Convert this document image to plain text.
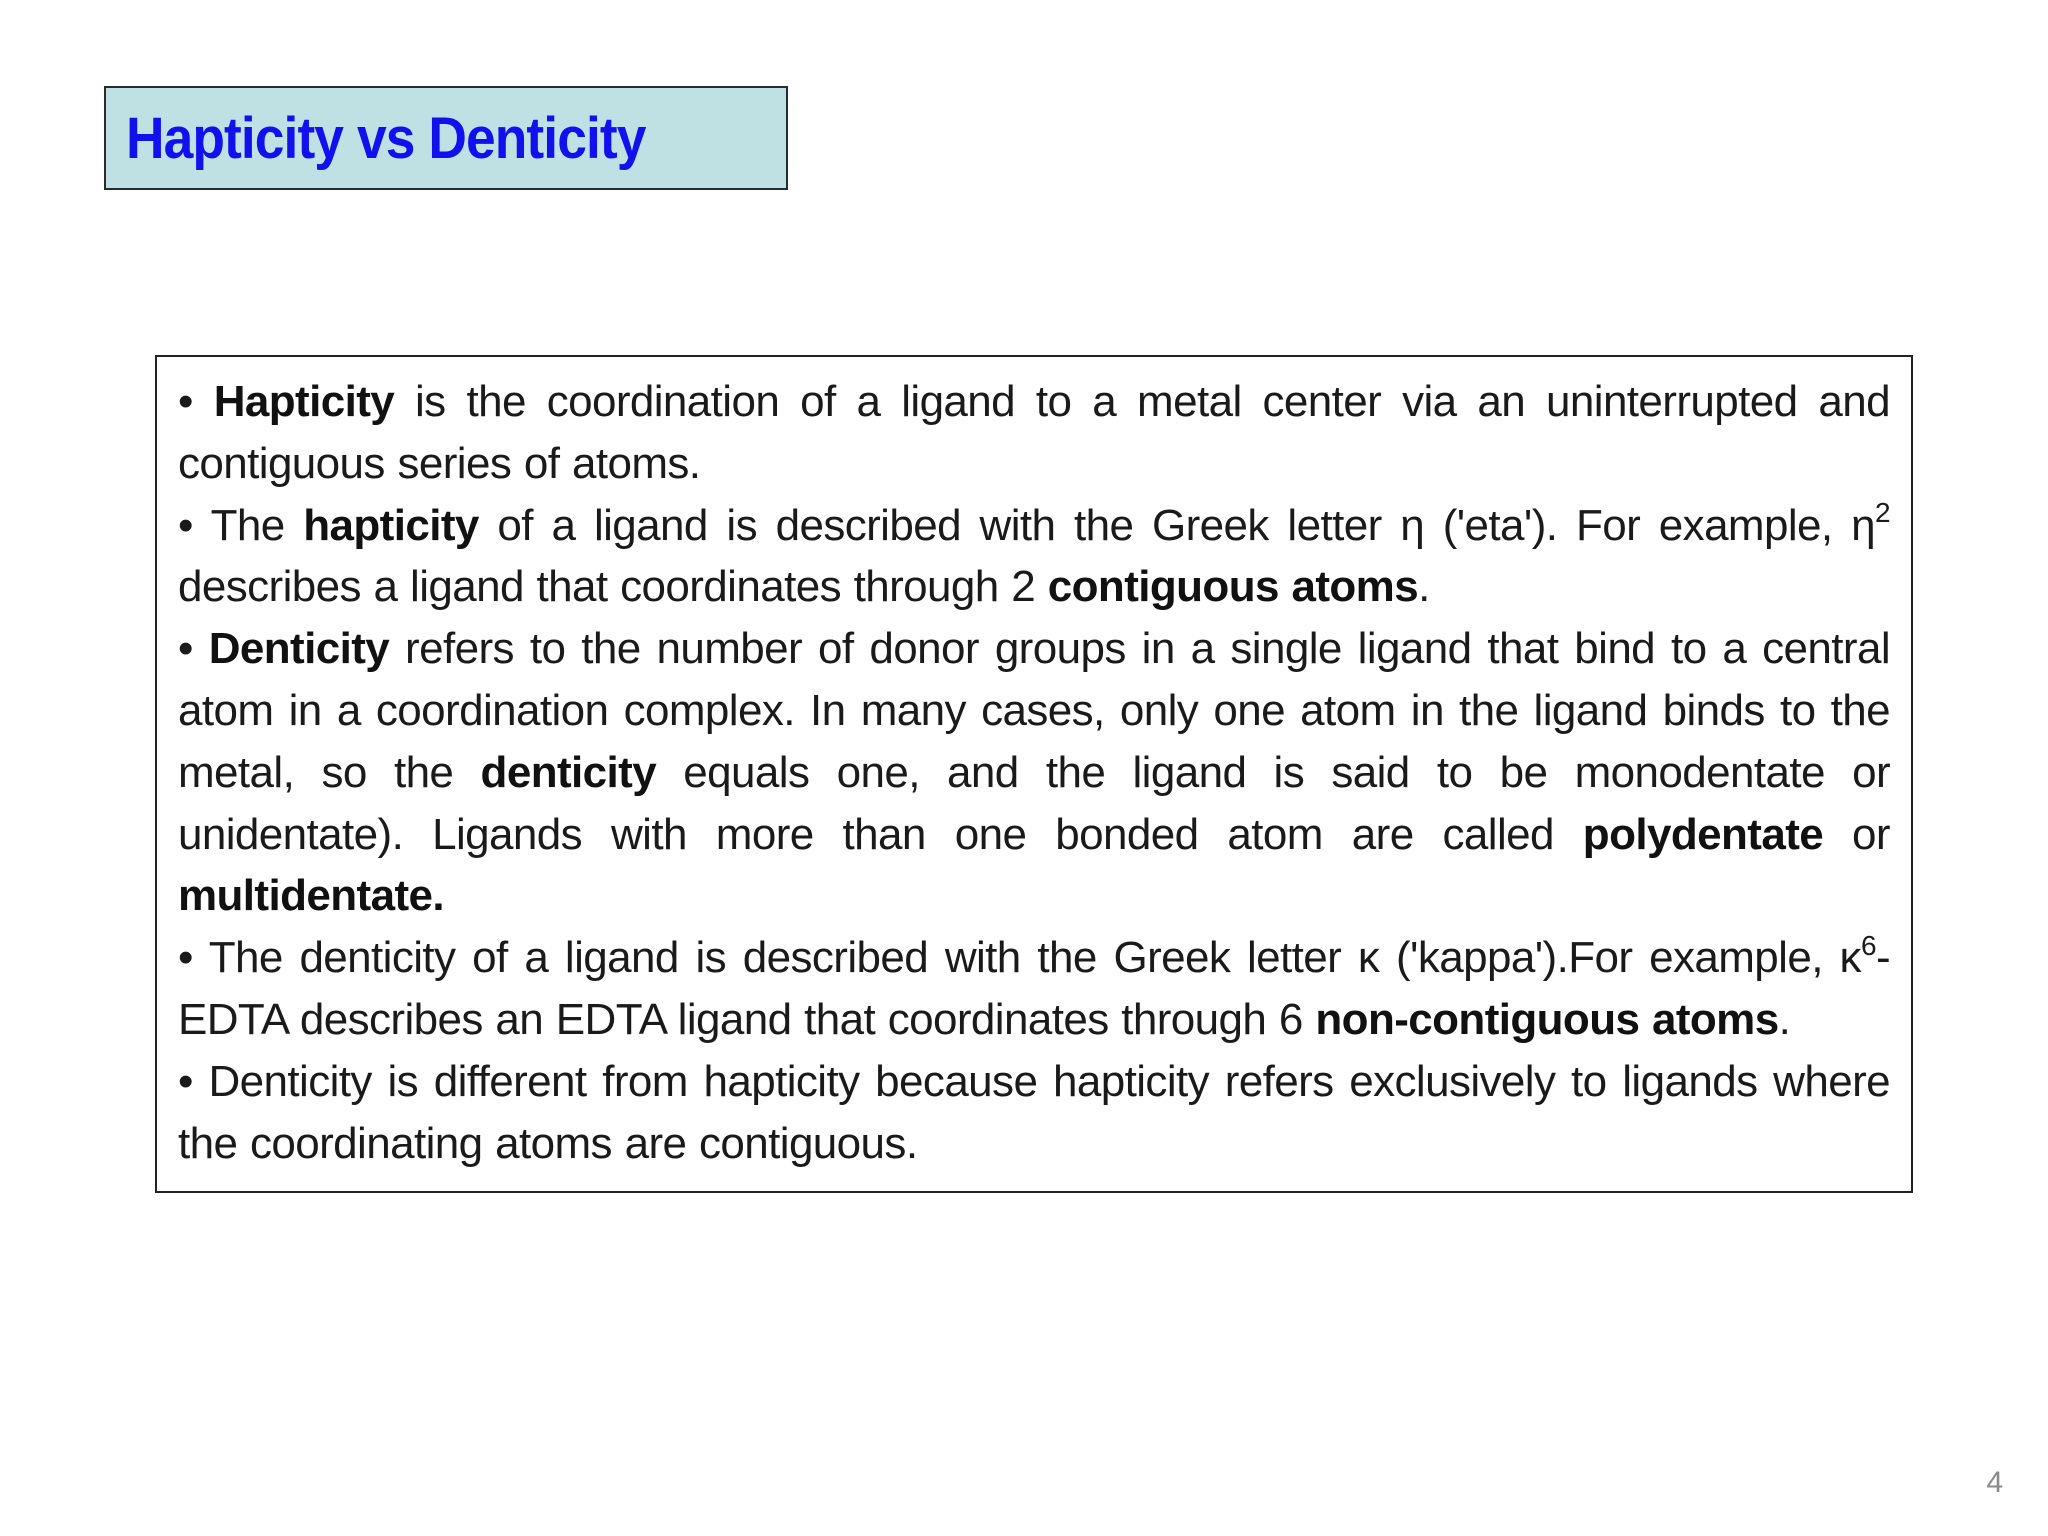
Hapticity vs Denticity

• Hapticity is the coordination of a ligand to a metal center via an uninterrupted and contiguous series of atoms.

• The hapticity of a ligand is described with the Greek letter η ('eta'). For example, $\eta^2$ describes a ligand that coordinates through 2 contiguous atoms.

• Denticity refers to the number of donor groups in a single ligand that bind to a central atom in a coordination complex. In many cases, only one atom in the ligand binds to the metal, so the denticity equals one, and the ligand is said to be monodentate or unidentate). Ligands with more than one bonded atom are called polydentate or multidentate.

• The denticity of a ligand is described with the Greek letter κ ('kappa').For example, $\kappa^6$-EDTA describes an EDTA ligand that coordinates through 6 non-contiguous atoms.

• Denticity is different from hapticity because hapticity refers exclusively to ligands where the coordinating atoms are contiguous.

4
